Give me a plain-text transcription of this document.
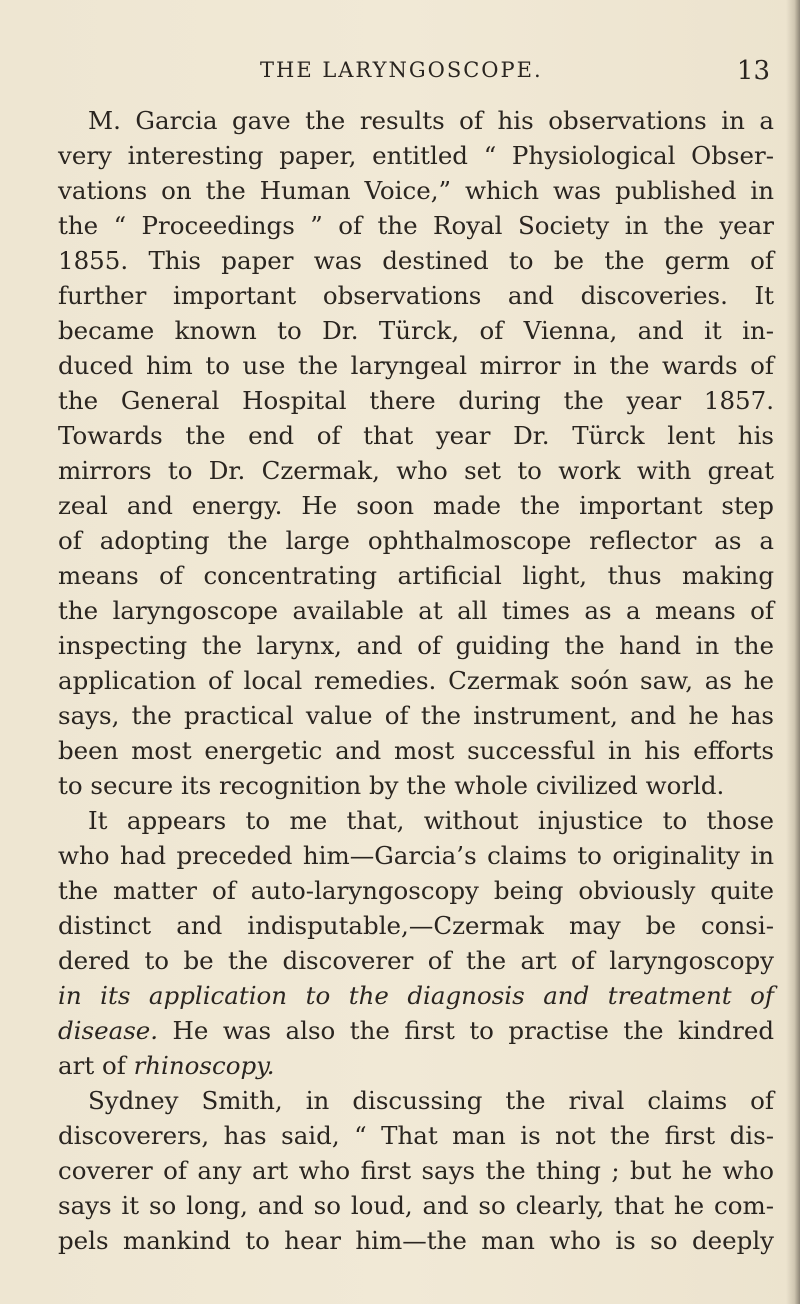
THE LARYNGOSCOPE.	13
M. Garcia gave the results of his observations in a
very interesting paper, entitled “ Physiological Obser-
vations on the Human Voice,” which was published in
the “ Proceedings ” of the Royal Society in the year
1855. This paper was destined to be the germ of
further important observations and discoveries. It
became known to Dr. Türck, of Vienna, and it in-
duced him to use the laryngeal mirror in the wards of
the General Hospital there during the year 1857.
Towards the end of that year Dr. Türck lent his
mirrors to Dr. Czermak, who set to work with great
zeal and energy. He soon made the important step
of adopting the large ophthalmoscope reflector as a
means of concentrating artificial light, thus making
the laryngoscope available at all times as a means of
inspecting the larynx, and of guiding the hand in the
application of local remedies. Czermak soón saw, as he
says, the practical value of the instrument, and he has
been most energetic and most successful in his efforts
to secure its recognition by the whole civilized world.
It appears to me that, without injustice to those
who had preceded him—Garcia’s claims to originality in
the matter of auto-laryngoscopy being obviously quite
distinct and indisputable,—Czermak may be consi-
dered to be the discoverer of the art of laryngoscopy
in its application to the diagnosis and treatment of
disease. He was also the first to practise the kindred
art of rhinoscopy.
Sydney Smith, in discussing the rival claims of
discoverers, has said, “ That man is not the first dis-
coverer of any art who first says the thing ; but he who
says it so long, and so loud, and so clearly, that he com-
pels mankind to hear him—the man who is so deeply
